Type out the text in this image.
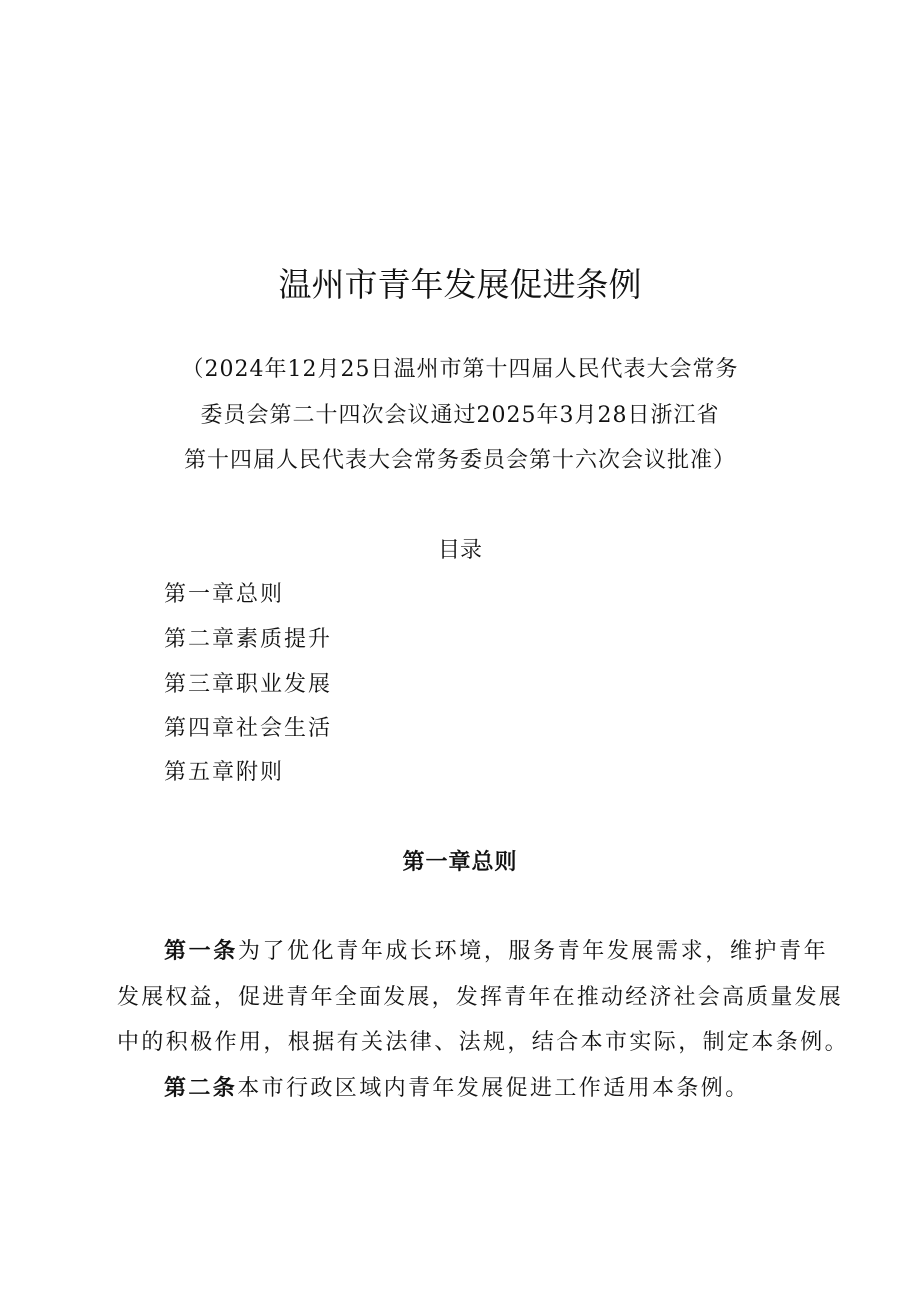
温州市青年发展促进条例
（2024年12月25日温州市第十四届人民代表大会常务
委员会第二十四次会议通过2025年3月28日浙江省
第十四届人民代表大会常务委员会第十六次会议批准）
目录
第一章总则
第二章素质提升
第三章职业发展
第四章社会生活
第五章附则
第一章总则
第一条为了优化青年成长环境，服务青年发展需求，维护青年
发展权益，促进青年全面发展，发挥青年在推动经济社会高质量发展
中的积极作用，根据有关法律、法规，结合本市实际，制定本条例。
第二条本市行政区域内青年发展促进工作适用本条例。
